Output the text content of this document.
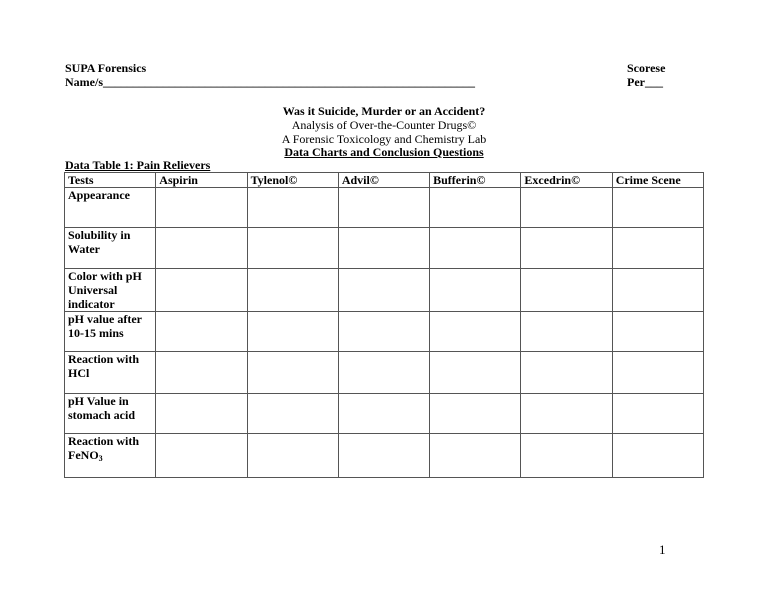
SUPA Forensics
Name/s______________________________________________________________
Scorese
Per___
Was it Suicide, Murder or an Accident?
Analysis of Over-the-Counter Drugs©
A Forensic Toxicology and Chemistry Lab
Data Charts and Conclusion Questions
Data Table 1: Pain Relievers
Tests	Aspirin	Tylenol©	Advil©	Bufferin©	Excedrin©	Crime Scene
Appearance						
Solubility in Water						
Color with pH Universal indicator						
pH value after 10-15 mins						
Reaction with HCl						
pH Value in stomach acid						
Reaction with FeNO$_3$						
1
